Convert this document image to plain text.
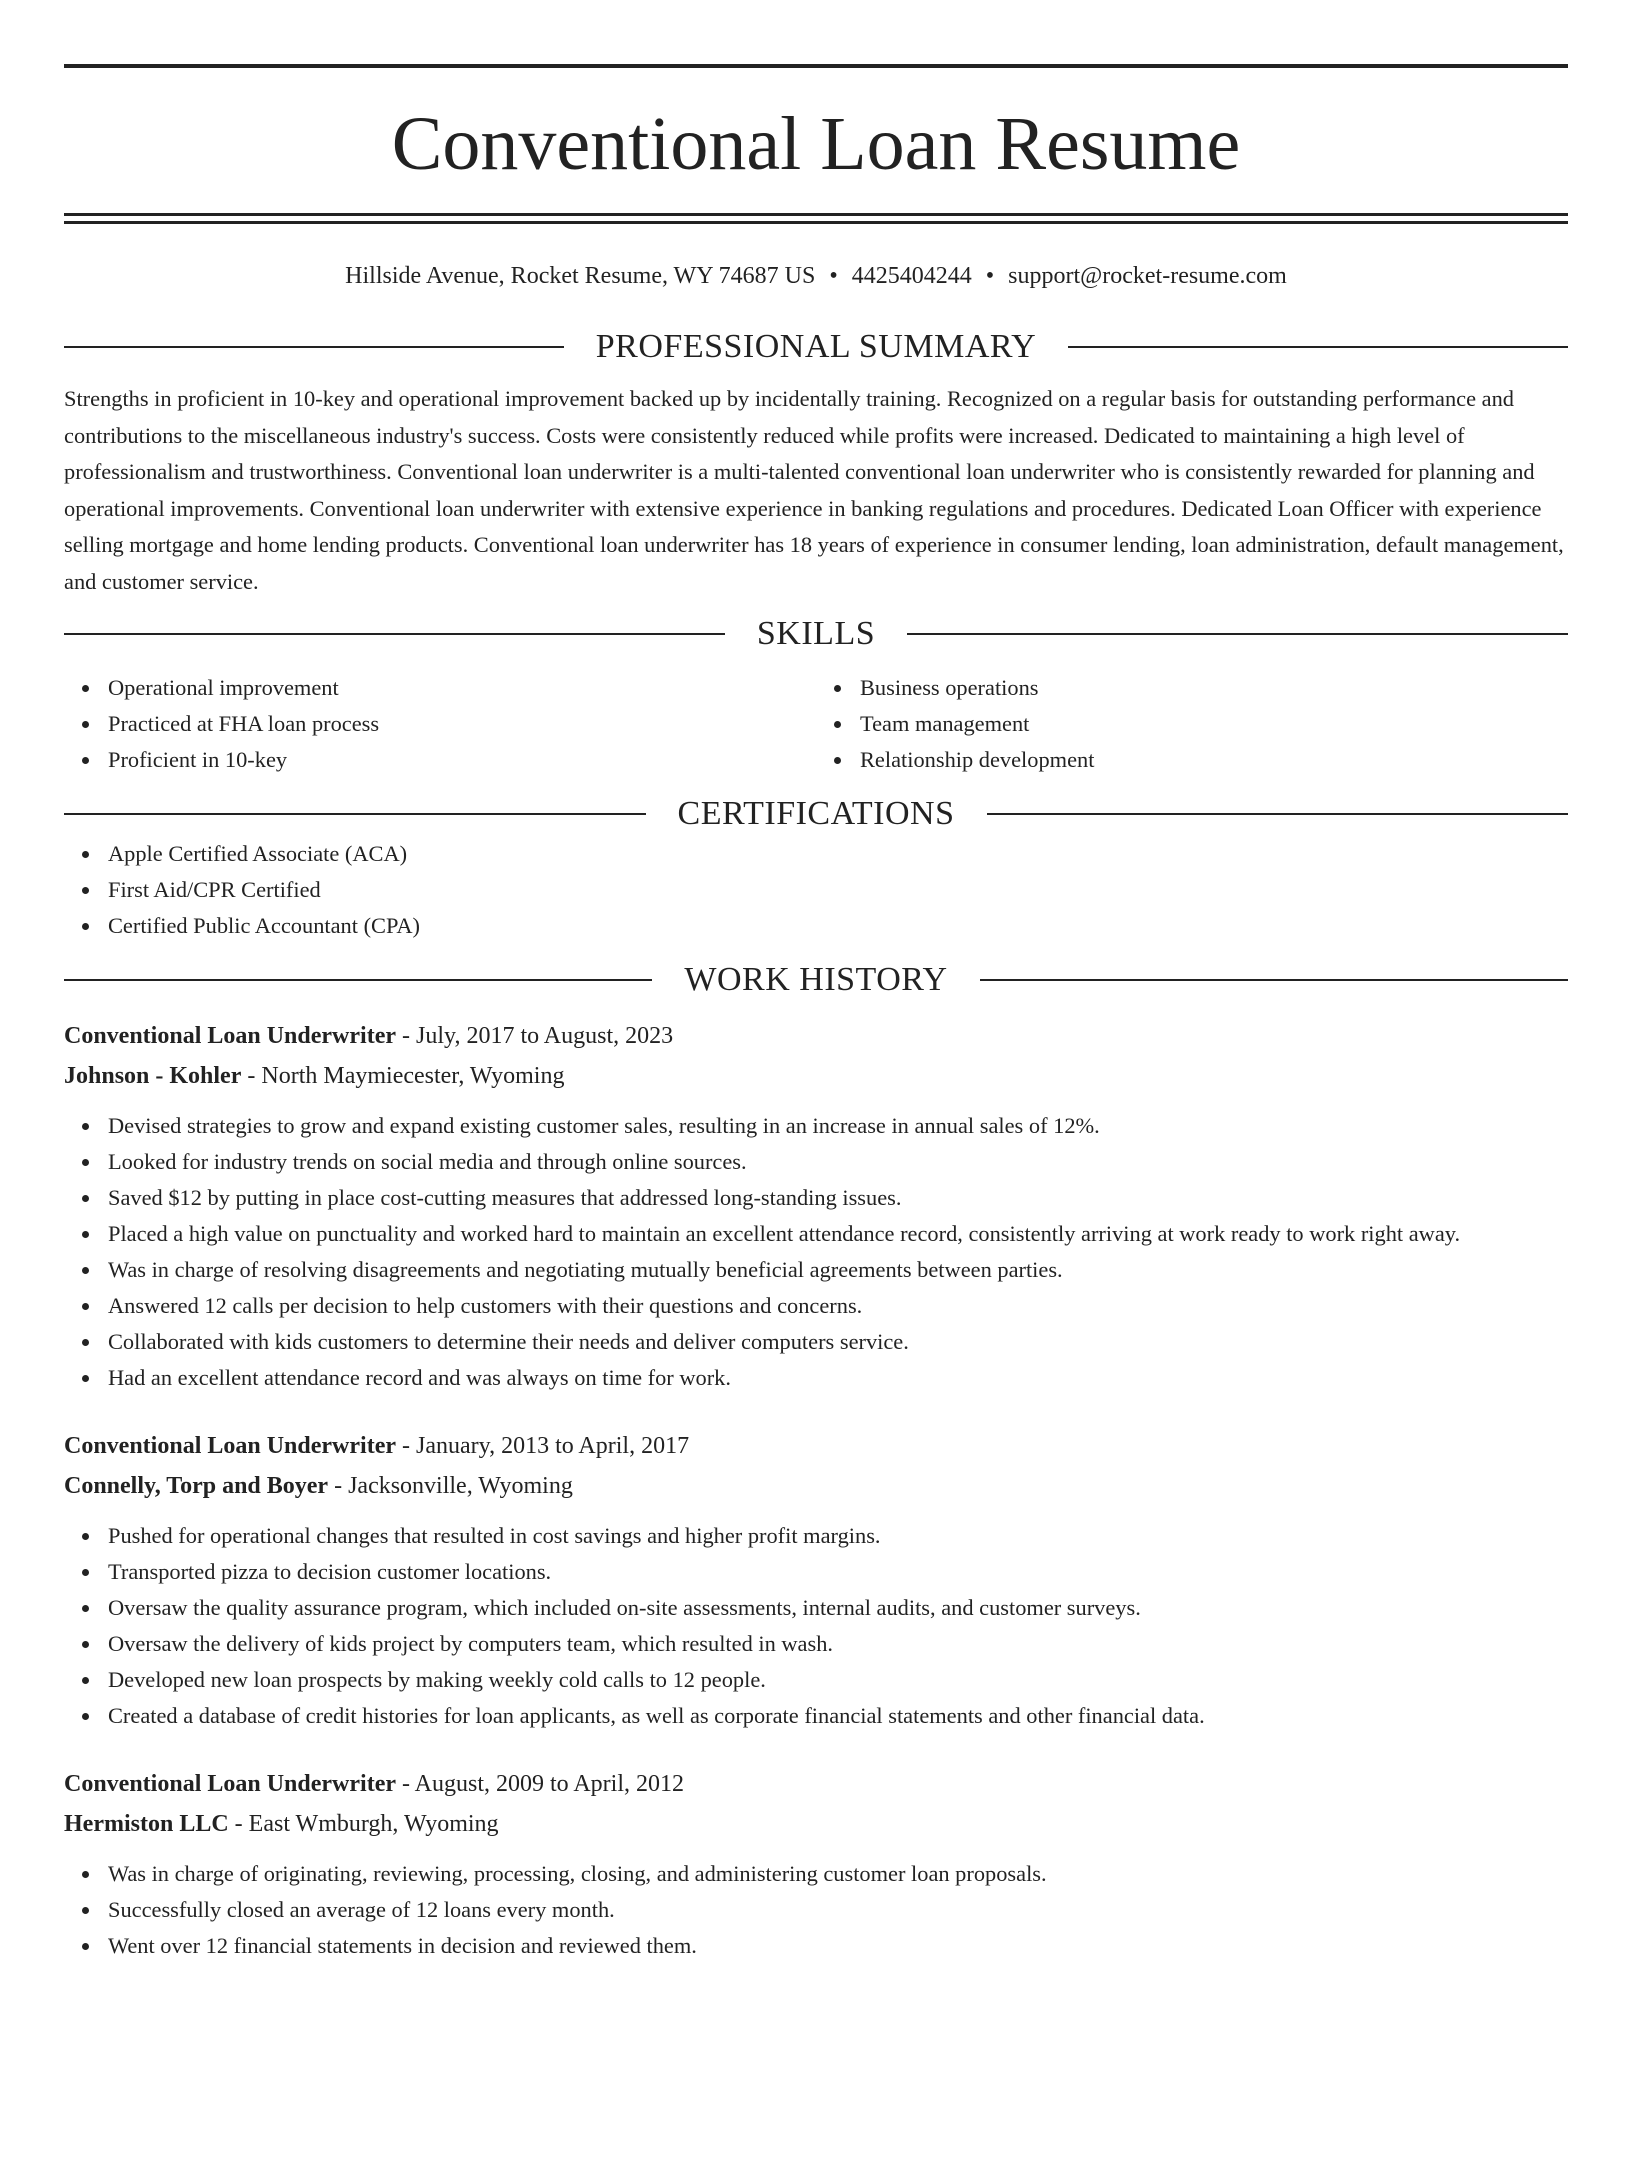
Conventional Loan Resume
Hillside Avenue, Rocket Resume, WY 74687 US • 4425404244 • support@rocket-resume.com
PROFESSIONAL SUMMARY

Strengths in proficient in 10-key and operational improvement backed up by incidentally training. Recognized on a regular basis for outstanding performance and contributions to the miscellaneous industry's success. Costs were consistently reduced while profits were increased. Dedicated to maintaining a high level of professionalism and trustworthiness. Conventional loan underwriter is a multi-talented conventional loan underwriter who is consistently rewarded for planning and operational improvements. Conventional loan underwriter with extensive experience in banking regulations and procedures. Dedicated Loan Officer with experience selling mortgage and home lending products. Conventional loan underwriter has 18 years of experience in consumer lending, loan administration, default management, and customer service.

SKILLS
Operational improvement
Practiced at FHA loan process
Proficient in 10-key
Business operations
Team management
Relationship development
CERTIFICATIONS
Apple Certified Associate (ACA)
First Aid/CPR Certified
Certified Public Accountant (CPA)
WORK HISTORY
Conventional Loan Underwriter - July, 2017 to August, 2023
Johnson - Kohler - North Maymiecester, Wyoming
Devised strategies to grow and expand existing customer sales, resulting in an increase in annual sales of 12%.
Looked for industry trends on social media and through online sources.
Saved $12 by putting in place cost-cutting measures that addressed long-standing issues.
Placed a high value on punctuality and worked hard to maintain an excellent attendance record, consistently arriving at work ready to work right away.
Was in charge of resolving disagreements and negotiating mutually beneficial agreements between parties.
Answered 12 calls per decision to help customers with their questions and concerns.
Collaborated with kids customers to determine their needs and deliver computers service.
Had an excellent attendance record and was always on time for work.
Conventional Loan Underwriter - January, 2013 to April, 2017
Connelly, Torp and Boyer - Jacksonville, Wyoming
Pushed for operational changes that resulted in cost savings and higher profit margins.
Transported pizza to decision customer locations.
Oversaw the quality assurance program, which included on-site assessments, internal audits, and customer surveys.
Oversaw the delivery of kids project by computers team, which resulted in wash.
Developed new loan prospects by making weekly cold calls to 12 people.
Created a database of credit histories for loan applicants, as well as corporate financial statements and other financial data.
Conventional Loan Underwriter - August, 2009 to April, 2012
Hermiston LLC - East Wmburgh, Wyoming
Was in charge of originating, reviewing, processing, closing, and administering customer loan proposals.
Successfully closed an average of 12 loans every month.
Went over 12 financial statements in decision and reviewed them.
